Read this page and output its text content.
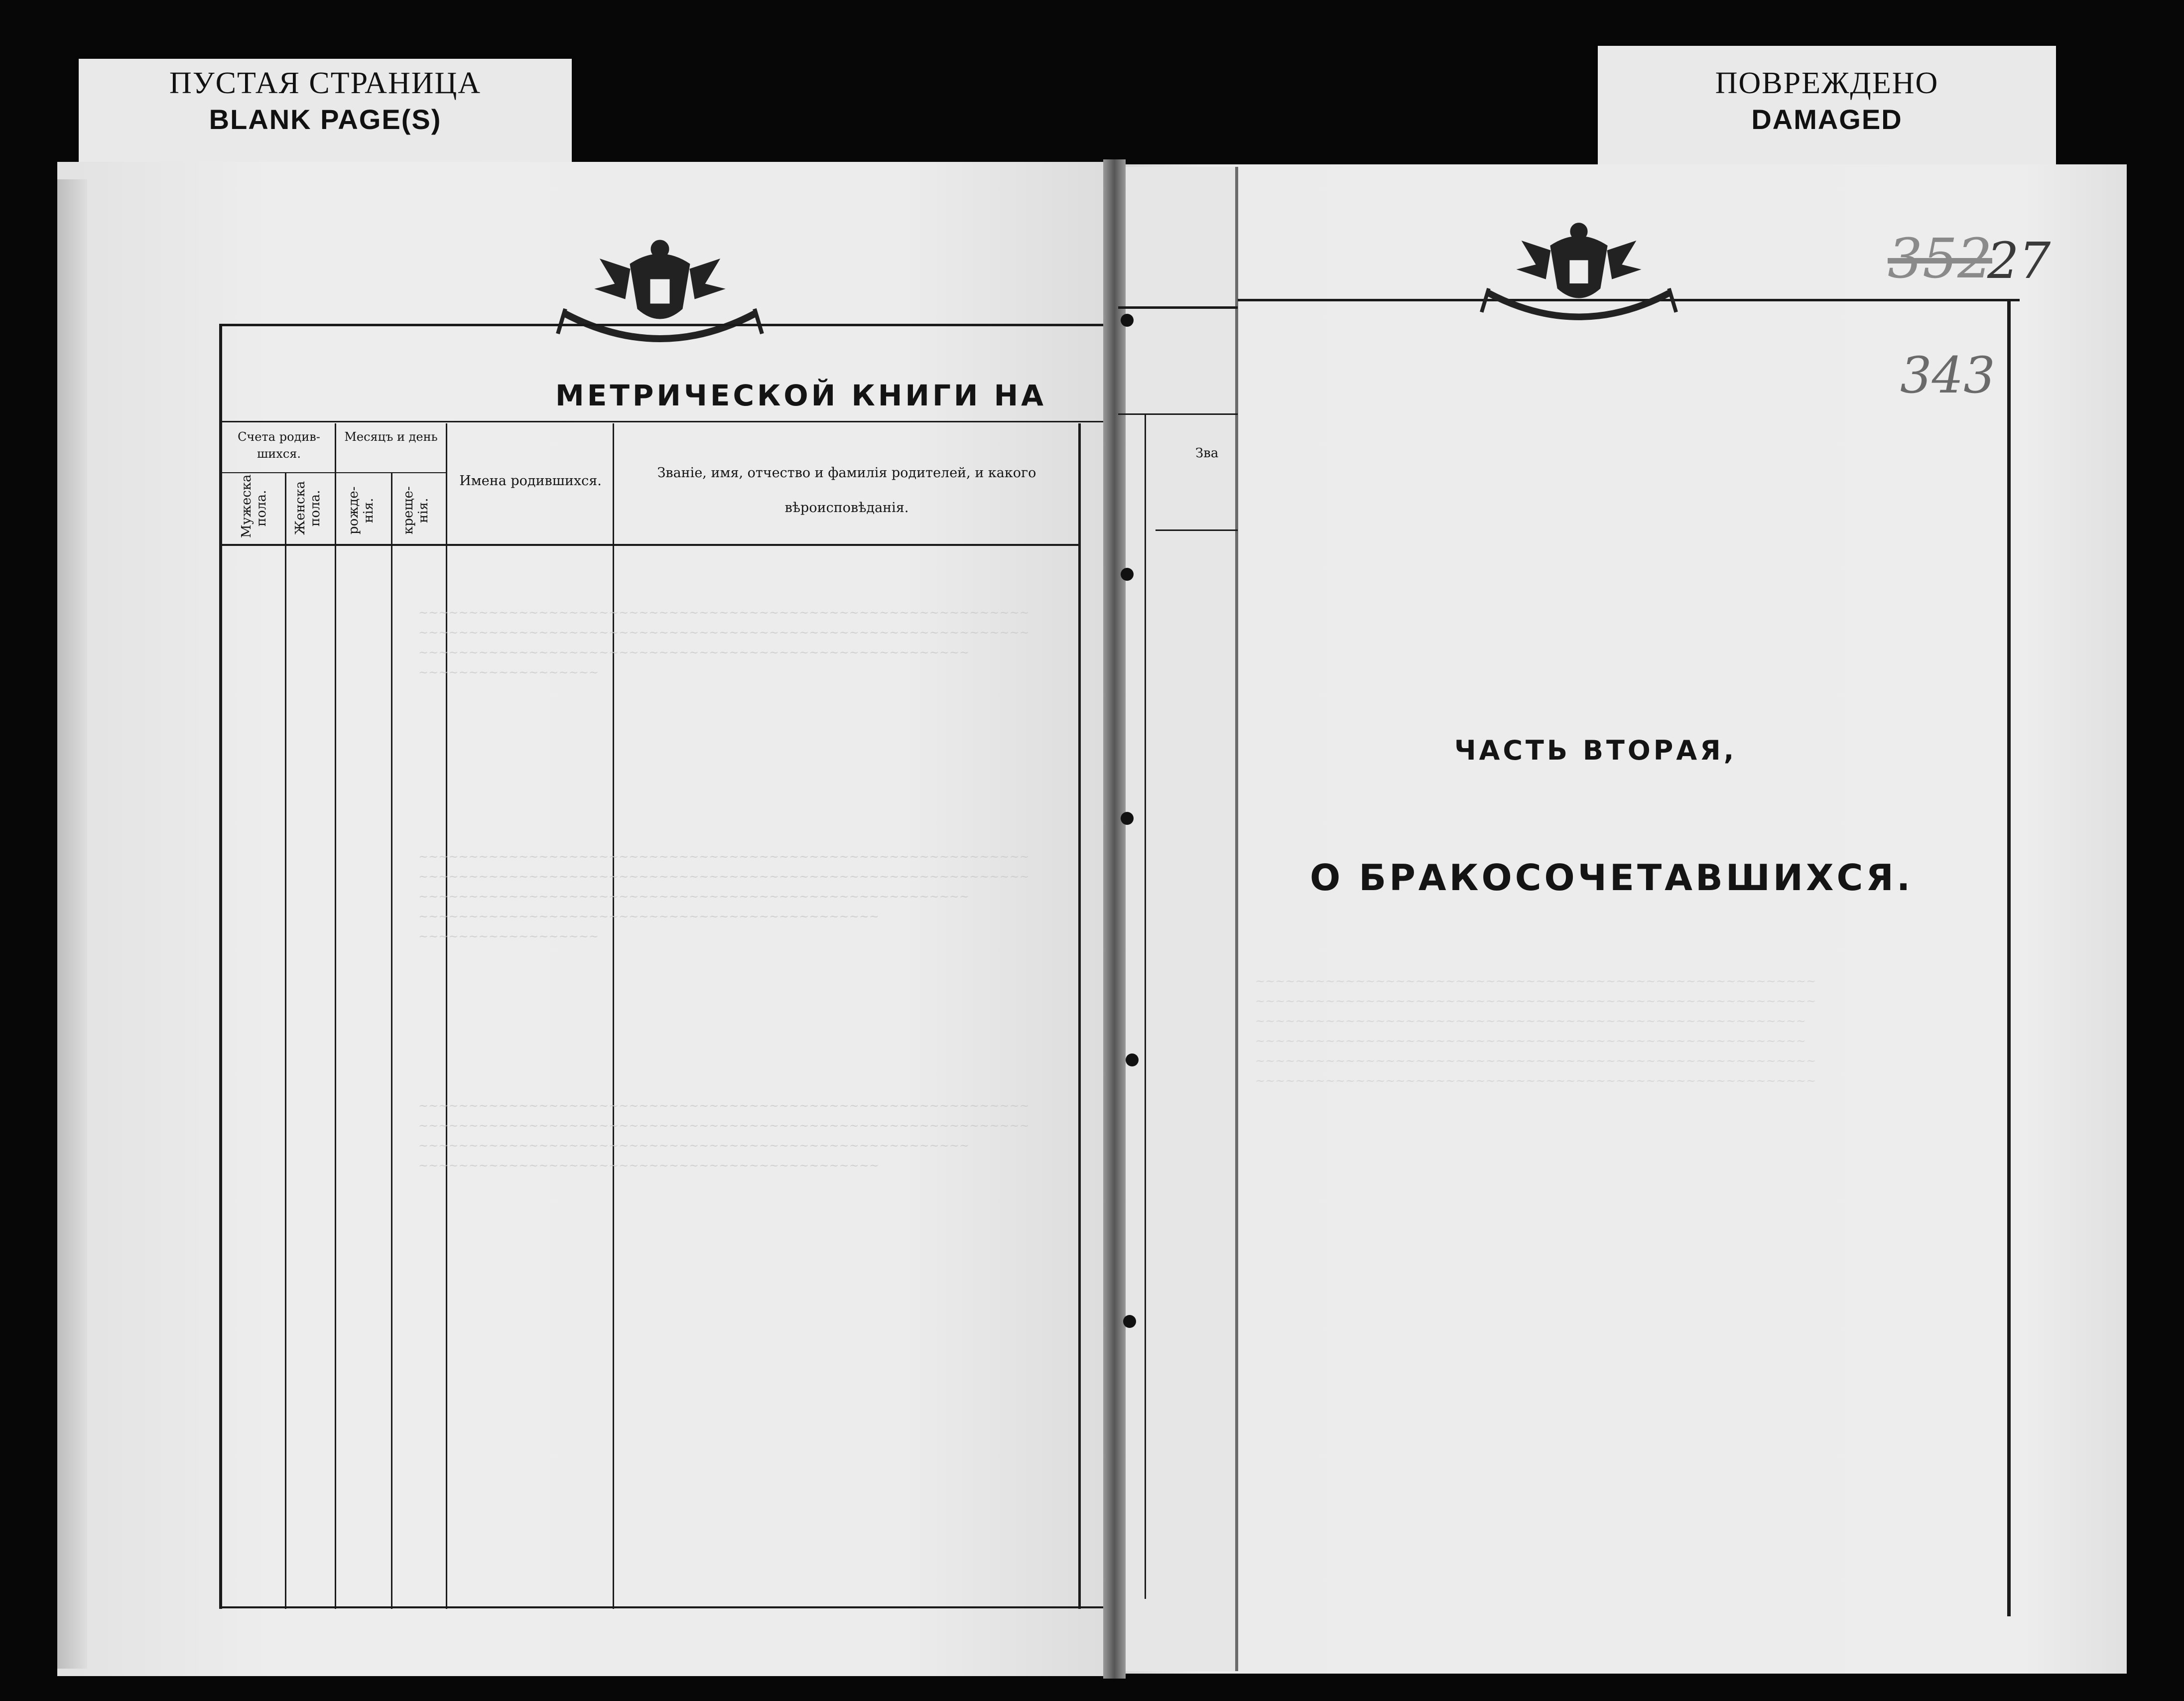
ПУСТАЯ СТРАНИЦА
BLANK PAGE(S)
ПОВРЕЖДЕНО
DAMAGED
МЕТРИЧЕСКОЙ КНИГИ НА
Счета родив-шихся.
Мужеска пола.	Женска пола.
Месяцъ и день
рожде-нія.	креще-нія.
Имена родившихся.
Званіе, имя, отчество и фамилія родителей, и какого вѣроисповѣданія.
~~~~~~~~~~~~~~~~~~~~~~~~~~~~~~~~~~~~~~~~~~~~~~~~~~~~~~~~~~~~~
~~~~~~~~~~~~~~~~~~~~~~~~~~~~~~~~~~~~~~~~~~~~~~~~~~~~~~~~~~~~~
~~~~~~~~~~~~~~~~~~~~~~~~~~~~~~~~~~~~~~~~~~~~~~~~~~~~~~~
~~~~~~~~~~~~~~~~~~
~~~~~~~~~~~~~~~~~~~~~~~~~~~~~~~~~~~~~~~~~~~~~~~~~~~~~~~~~~~~~
~~~~~~~~~~~~~~~~~~~~~~~~~~~~~~~~~~~~~~~~~~~~~~~~~~~~~~~~~~~~~
~~~~~~~~~~~~~~~~~~~~~~~~~~~~~~~~~~~~~~~~~~~~~~~~~~~~~~~
~~~~~~~~~~~~~~~~~~~~~~~~~~~~~~~~~~~~~~~~~~~~~~
~~~~~~~~~~~~~~~~~~
~~~~~~~~~~~~~~~~~~~~~~~~~~~~~~~~~~~~~~~~~~~~~~~~~~~~~~~~~~~~~
~~~~~~~~~~~~~~~~~~~~~~~~~~~~~~~~~~~~~~~~~~~~~~~~~~~~~~~~~~~~~
~~~~~~~~~~~~~~~~~~~~~~~~~~~~~~~~~~~~~~~~~~~~~~~~~~~~~~~
~~~~~~~~~~~~~~~~~~~~~~~~~~~~~~~~~~~~~~~~~~~~~~
Зва
352
27
343
ЧАСТЬ ВТОРАЯ,
О БРАКОСОЧЕТАВШИХСЯ.
~~~~~~~~~~~~~~~~~~~~~~~~~~~~~~~~~~~~~~~~~~~~~~~~~~~~~~~~
~~~~~~~~~~~~~~~~~~~~~~~~~~~~~~~~~~~~~~~~~~~~~~~~~~~~~~~~
~~~~~~~~~~~~~~~~~~~~~~~~~~~~~~~~~~~~~~~~~~~~~~~~~~~~~~~
~~~~~~~~~~~~~~~~~~~~~~~~~~~~~~~~~~~~~~~~~~~~~~~~~~~~~~~
~~~~~~~~~~~~~~~~~~~~~~~~~~~~~~~~~~~~~~~~~~~~~~~~~~~~~~~~
~~~~~~~~~~~~~~~~~~~~~~~~~~~~~~~~~~~~~~~~~~~~~~~~~~~~~~~~
